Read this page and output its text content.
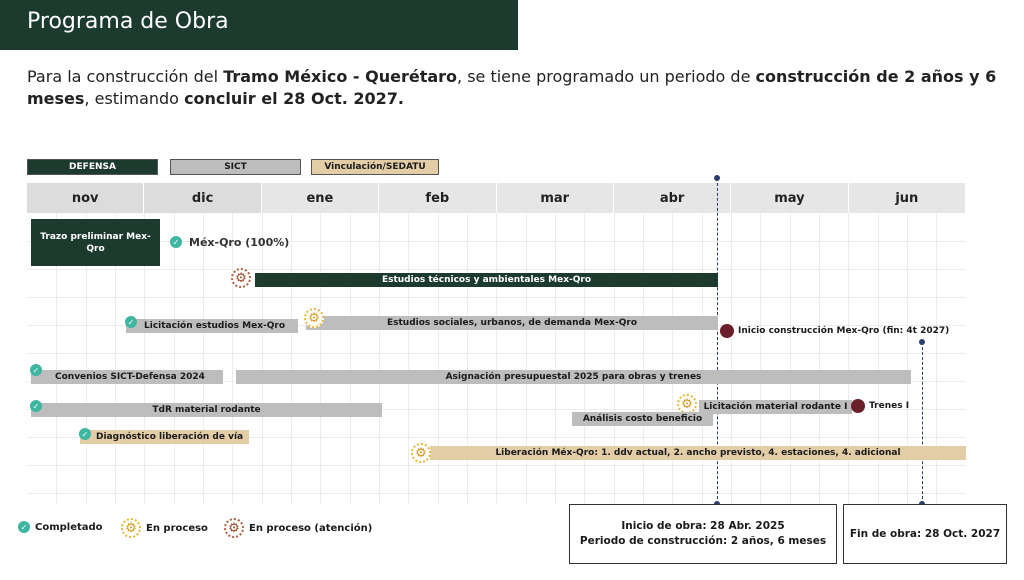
Programa de Obra
Para la construcción del Tramo México - Querétaro, se tiene programado un periodo de construcción de 2 años y 6 meses, estimando concluir el 28 Oct. 2027.
DEFENSA	SICT	Vinculación/SEDATU
nov	dic	ene	feb	mar	abr	may	jun
Trazo preliminar Mex-Qro
✓ Méx-Qro (100%)
⚙	Estudios técnicos y ambientales Mex-Qro
Licitación estudios Mex-Qro
✓	Estudios sociales, urbanos, de demanda Mex-Qro
⚙
Inicio construcción Mex-Qro (fin: 4t 2027)
Convenios SICT-Defensa 2024
✓
Asignación presupuestal 2025 para obras y trenes
TdR material rodante
✓	⚙	Licitación material rodante I	Trenes I
Análisis costo beneficio
Diagnóstico liberación de vía
✓
Liberación Méx-Qro: 1. ddv actual, 2. ancho previsto, 4. estaciones, 4. adicional
⚙
Inicio de obra: 28 Abr. 2025
Periodo de construcción: 2 años, 6 meses
Fin de obra: 28 Oct. 2027
✓ Completado	⚙ En proceso	⚙ En proceso (atención)
